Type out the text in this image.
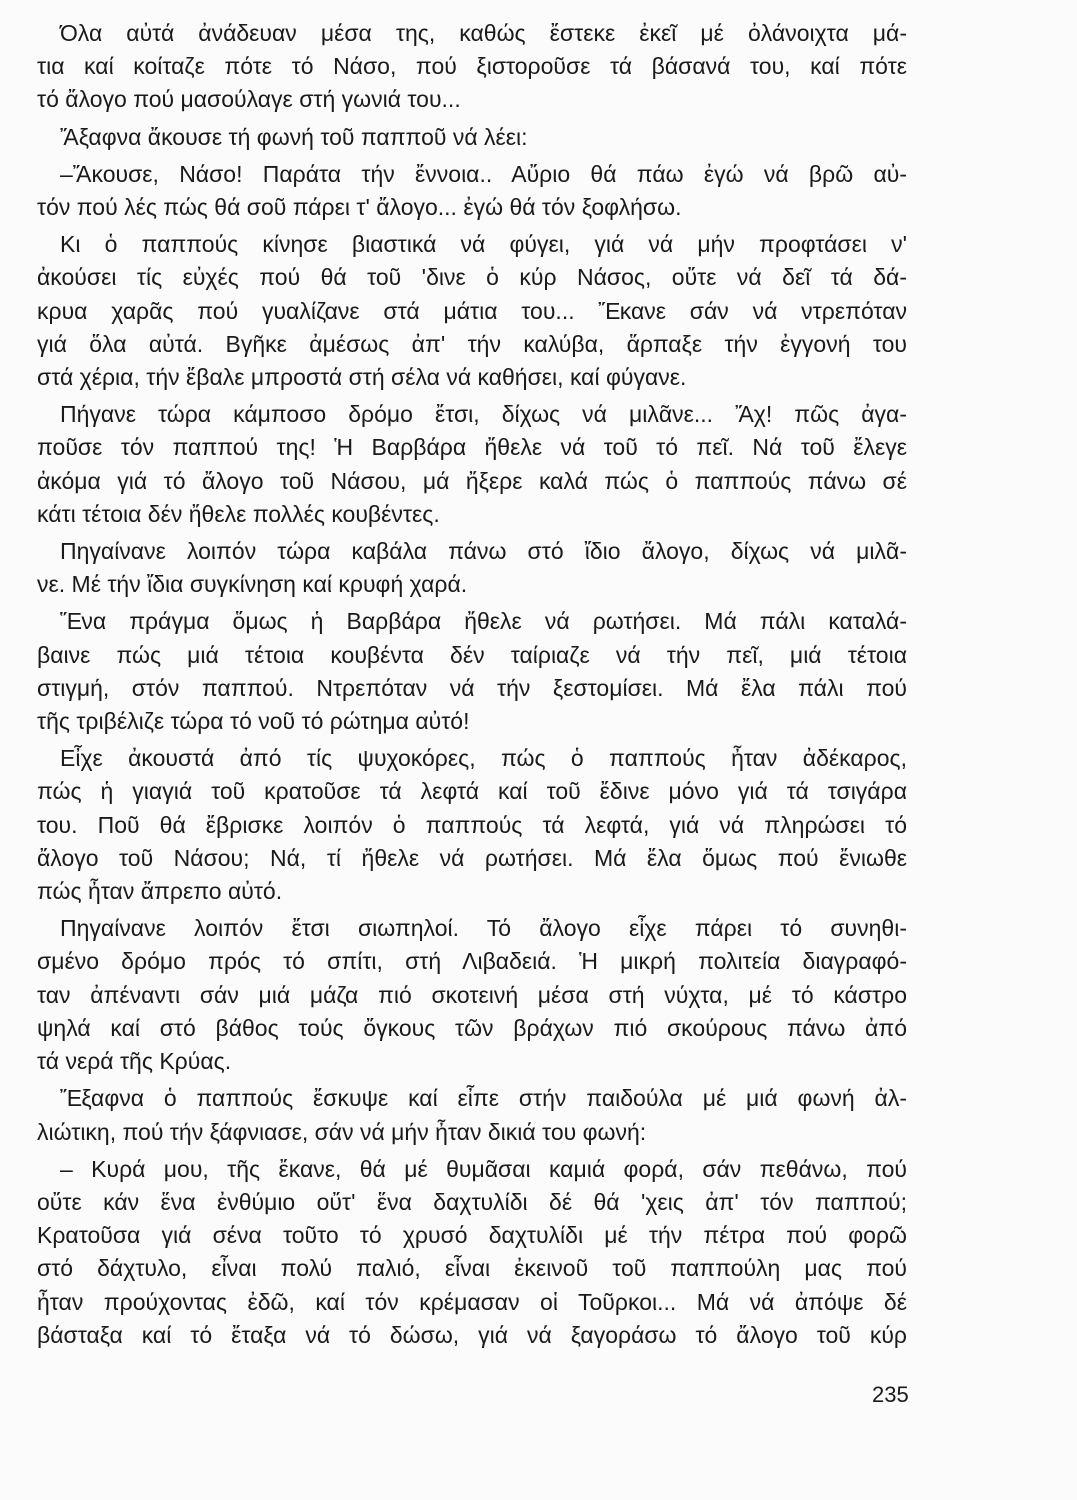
Όλα αὐτά ἀνάδευαν μέσα της, καθώς ἔστεκε ἐκεῖ μέ ὀλάνοιχτα μά-
τια καί κοίταζε πότε τό Νάσο, πού ξιστοροῦσε τά βάσανά του, καί πότε
τό ἄλογο πού μασούλαγε στή γωνιά του...
Ἄξαφνα ἄκουσε τή φωνή τοῦ παπποῦ νά λέει:
–Ἄκουσε, Νάσο! Παράτα τήν ἔννοια.. Αὔριο θά πάω ἐγώ νά βρῶ αὐ-
τόν πού λές πώς θά σοῦ πάρει τ' ἄλογο... ἐγώ θά τόν ξοφλήσω.
Κι ὁ παππούς κίνησε βιαστικά νά φύγει, γιά νά μήν προφτάσει ν'
ἀκούσει τίς εὐχές πού θά τοῦ 'δινε ὁ κύρ Νάσος, οὔτε νά δεῖ τά δά-
κρυα χαρᾶς πού γυαλίζανε στά μάτια του... Ἔκανε σάν νά ντρεπόταν
γιά ὅλα αὐτά. Βγῆκε ἀμέσως ἀπ' τήν καλύβα, ἅρπαξε τήν ἐγγονή του
στά χέρια, τήν ἔβαλε μπροστά στή σέλα νά καθήσει, καί φύγανε.
Πήγανε τώρα κάμποσο δρόμο ἔτσι, δίχως νά μιλᾶνε... Ἄχ! πῶς ἀγα-
ποῦσε τόν παππού της! Ἡ Βαρβάρα ἤθελε νά τοῦ τό πεῖ. Νά τοῦ ἔλεγε
ἀκόμα γιά τό ἄλογο τοῦ Νάσου, μά ἤξερε καλά πώς ὁ παππούς πάνω σέ
κάτι τέτοια δέν ἤθελε πολλές κουβέντες.
Πηγαίνανε λοιπόν τώρα καβάλα πάνω στό ἴδιο ἄλογο, δίχως νά μιλᾶ-
νε. Μέ τήν ἴδια συγκίνηση καί κρυφή χαρά.
Ἕνα πράγμα ὅμως ἡ Βαρβάρα ἤθελε νά ρωτήσει. Μά πάλι καταλά-
βαινε πώς μιά τέτοια κουβέντα δέν ταίριαζε νά τήν πεῖ, μιά τέτοια
στιγμή, στόν παππού. Ντρεπόταν νά τήν ξεστομίσει. Μά ἔλα πάλι πού
τῆς τριβέλιζε τώρα τό νοῦ τό ρώτημα αὐτό!
Εἶχε ἀκουστά ἀπό τίς ψυχοκόρες, πώς ὁ παππούς ἦταν ἀδέκαρος,
πώς ἡ γιαγιά τοῦ κρατοῦσε τά λεφτά καί τοῦ ἔδινε μόνο γιά τά τσιγάρα
του. Ποῦ θά ἔβρισκε λοιπόν ὁ παππούς τά λεφτά, γιά νά πληρώσει τό
ἄλογο τοῦ Νάσου; Νά, τί ἤθελε νά ρωτήσει. Μά ἔλα ὅμως πού ἔνιωθε
πώς ἦταν ἄπρεπο αὐτό.
Πηγαίνανε λοιπόν ἔτσι σιωπηλοί. Τό ἄλογο εἶχε πάρει τό συνηθι-
σμένο δρόμο πρός τό σπίτι, στή Λιβαδειά. Ἡ μικρή πολιτεία διαγραφό-
ταν ἀπέναντι σάν μιά μάζα πιό σκοτεινή μέσα στή νύχτα, μέ τό κάστρο
ψηλά καί στό βάθος τούς ὄγκους τῶν βράχων πιό σκούρους πάνω ἀπό
τά νερά τῆς Κρύας.
Ἔξαφνα ὁ παππούς ἔσκυψε καί εἶπε στήν παιδούλα μέ μιά φωνή ἀλ-
λιώτικη, πού τήν ξάφνιασε, σάν νά μήν ἦταν δικιά του φωνή:
– Κυρά μου, τῆς ἔκανε, θά μέ θυμᾶσαι καμιά φορά, σάν πεθάνω, πού
οὔτε κάν ἕνα ἐνθύμιο οὔτ' ἕνα δαχτυλίδι δέ θά 'χεις ἀπ' τόν παππού;
Κρατοῦσα γιά σένα τοῦτο τό χρυσό δαχτυλίδι μέ τήν πέτρα πού φορῶ
στό δάχτυλο, εἶναι πολύ παλιό, εἶναι ἐκεινοῦ τοῦ παππούλη μας πού
ἦταν προύχοντας ἐδῶ, καί τόν κρέμασαν οἱ Τοῦρκοι... Μά νά ἀπόψε δέ
βάσταξα καί τό ἔταξα νά τό δώσω, γιά νά ξαγοράσω τό ἄλογο τοῦ κύρ
235
